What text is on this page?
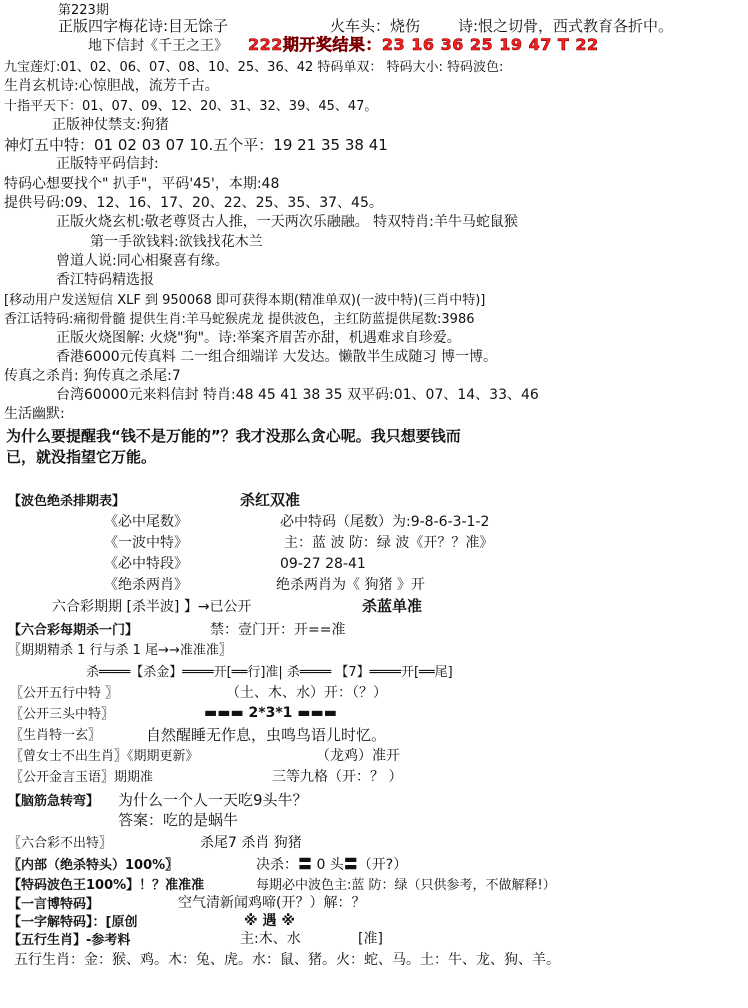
第223期
正版四字梅花诗:目无馀子	火车头：烧伤	诗:恨之切骨，西式教育各折中。
地下信封《千王之王》 222期开奖结果：23 16 36 25 19 47 T 22
九宝莲灯:01、02、06、07、08、10、25、36、42 特码单双： 特码大小: 特码波色:
生肖玄机诗:心惊胆战，流芳千古。
十指平天下：01、07、09、12、20、31、32、39、45、47。
正版神仗禁支:狗猪
神灯五中特：01 02 03 07 10.五个平：19 21 35 38 41
正版特平码信封:
特码心想要找个" 扒手"，平码'45'，本期:48
提供号码:09、12、16、17、20、22、25、35、37、45。
正版火烧玄机:敬老尊贤古人推，一天两次乐融融。 特双特肖:羊牛马蛇鼠猴
第一手欲钱料:欲钱找花木兰
曾道人说:同心相聚喜有缘。
香江特码精选报
[移动用户发送短信 XLF 到 950068 即可获得本期(精准单双)(一波中特)(三肖中特)]
香江话特码:痛彻骨髓 提供生肖:羊马蛇猴虎龙 提供波色，主红防蓝提供尾数:3986
正版火烧图解: 火烧"狗"。诗:举案齐眉苦亦甜，机遇难求自珍爱。
香港6000元传真料 二一组合细端详 大发达。懒散半生成随习 博一博。
传真之杀肖: 狗传真之杀尾:7
台湾60000元来料信封 特肖:48 45 41 38 35 双平码:01、07、14、33、46
生活幽默:
为什么要提醒我“钱不是万能的”？我才没那么贪心呢。我只想要钱而
已，就没指望它万能。
【波色绝杀排期表】	杀红双准
《必中尾数》	必中特码（尾数）为:9-8-6-3-1-2
《一波中特》	主：蓝 波 防：绿 波《开？？准》
《必中特段》	09-27 28-41
《绝杀两肖》	绝杀两肖为《 狗猪 》开
六合彩期期 [杀半波] 】→已公开	杀蓝单准
【六合彩每期杀一门】	禁：壹门开：开==准
〖期期精杀 1 行与杀 1 尾→→准准准〗
杀════【杀金】════开[══行]准| 杀════ 【7】════开[══尾]
〖公开五行中特 〗	（土、木、水）开：（？）
〖公开三头中特〗	▬▬▬ 2*3*1 ▬▬▬
〖生肖特一玄〗	自然醒睡无作息，虫鸣鸟语儿时忆。
〖曾女士不出生肖〗《期期更新》	（龙鸡）准开
〖公开金言玉语〗期期准	三等九格（开：？ ）
【脑筋急转弯】 为什么一个人一天吃9头牛？
答案：吃的是蜗牛
〖六合彩不出特〗	杀尾7 杀肖 狗猪
〖内部（绝杀特头）100%〗	决杀：〓 0 头〓（开?）
【特码波色王100%】！？准准准	每期必中波色主:蓝 防：绿（只供参考，不做解释!）
【一言博特码】	空气清新闻鸡啼(开？）解：？
【一字解特码】：[原创	※ 遇 ※
【五行生肖】-参考料	主:木、水	[准]
五行生肖：金：猴、鸡。木：兔、虎。水：鼠、猪。火：蛇、马。土：牛、龙、狗、羊。
